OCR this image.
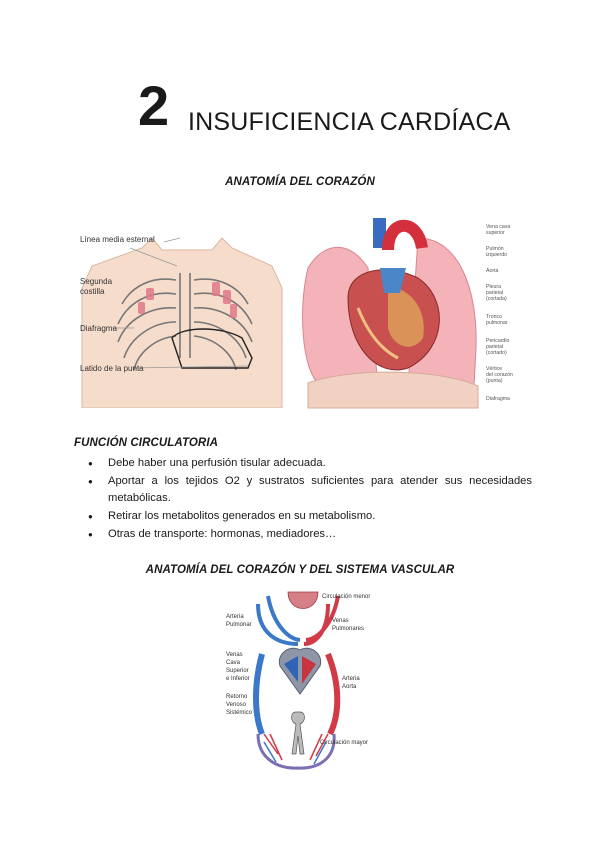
2 INSUFICIENCIA CARDÍACA
ANATOMÍA DEL CORAZÓN
Línea media esternal
Segunda
costilla
Diafragma
Latido de la punta
Vena cava
superior
Pulmón
izquierdo
Aorta
Pleura
parietal
(cortada)
Tronco
pulmonar
Pericardio
parietal
(cortado)
Vértice
del corazón
(punta)
Diafragma
FUNCIÓN CIRCULATORIA
● Debe haber una perfusión tisular adecuada.
● Aportar a los tejidos O2 y sustratos suficientes para atender sus necesidades metabólicas.
● Retirar los metabolitos generados en su metabolismo.
● Otras de transporte: hormonas, mediadores…
ANATOMÍA DEL CORAZÓN Y DEL SISTEMA VASCULAR
Circulación menor
Arteria
Pulmonar
Venas
Pulmonares
Venas
Cava
Superior
e Inferior	Arteria
Aorta
Retorno
Venoso
Sistémico
Circulación mayor
